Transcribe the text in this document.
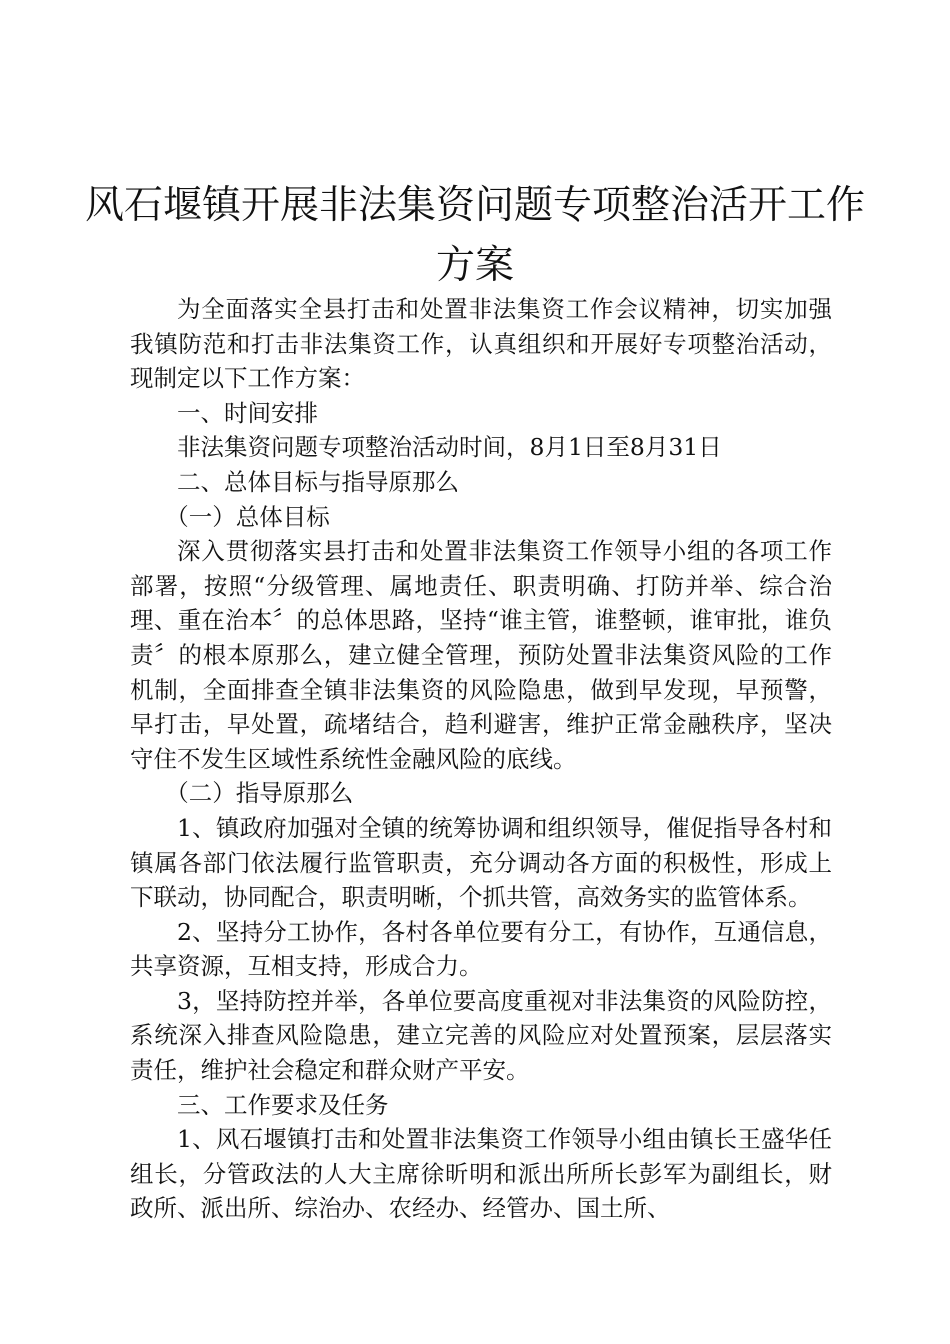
风石堰镇开展非法集资问题专项整治活开工作
方案

为全面落实全县打击和处置非法集资工作会议精神，切实加强我镇防范和打击非法集资工作，认真组织和开展好专项整治活动，现制定以下工作方案：

一、时间安排

非法集资问题专项整治活动时间，8月1日至8月31日

二、总体目标与指导原那么

（一）总体目标

深入贯彻落实县打击和处置非法集资工作领导小组的各项工作部署，按照“分级管理、属地责任、职责明确、打防并举、综合治理、重在治本〞的总体思路，坚持“谁主管，谁整顿，谁审批，谁负责〞的根本原那么，建立健全管理，预防处置非法集资风险的工作机制，全面排查全镇非法集资的风险隐患，做到早发现，早预警，早打击，早处置，疏堵结合，趋利避害，维护正常金融秩序，坚决守住不发生区域性系统性金融风险的底线。

（二）指导原那么

1、镇政府加强对全镇的统筹协调和组织领导，催促指导各村和镇属各部门依法履行监管职责，充分调动各方面的积极性，形成上下联动，协同配合，职责明晰，个抓共管，高效务实的监管体系。

2、坚持分工协作，各村各单位要有分工，有协作，互通信息，共享资源，互相支持，形成合力。

3，坚持防控并举，各单位要高度重视对非法集资的风险防控，系统深入排查风险隐患，建立完善的风险应对处置预案，层层落实责任，维护社会稳定和群众财产平安。

三、工作要求及任务

1、风石堰镇打击和处置非法集资工作领导小组由镇长王盛华任组长，分管政法的人大主席徐昕明和派出所所长彭军为副组长，财政所、派出所、综治办、农经办、经管办、国土所、
